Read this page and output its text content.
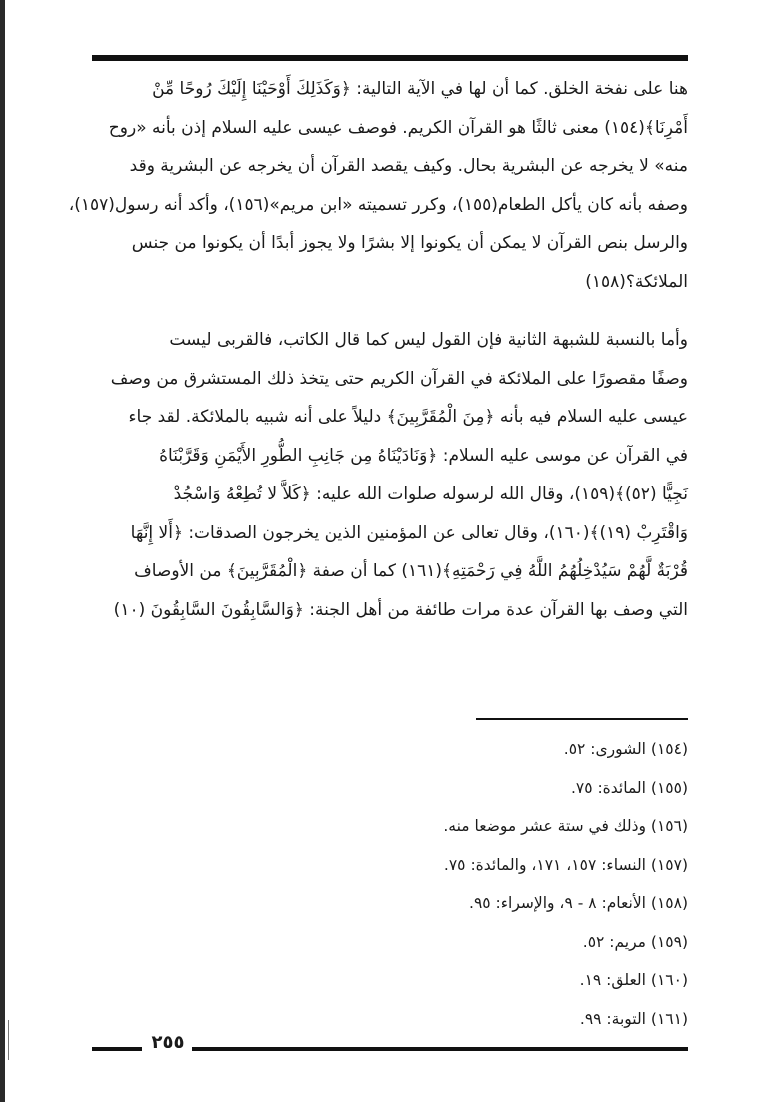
هنا على نفخة الخلق. كما أن لها في الآية التالية: ﴿وَكَذَلِكَ أَوْحَيْنَا إِلَيْكَ رُوحًا مِّنْ
أَمْرِنَا﴾(١٥٤) معنى ثالثًا هو القرآن الكريم. فوصف عيسى عليه السلام إذن بأنه «روح
منه» لا يخرجه عن البشرية بحال. وكيف يقصد القرآن أن يخرجه عن البشرية وقد
وصفه بأنه كان يأكل الطعام(١٥٥)، وكرر تسميته «ابن مريم»(١٥٦)، وأكد أنه رسول(١٥٧)،
والرسل بنص القرآن لا يمكن أن يكونوا إلا بشرًا ولا يجوز أبدًا أن يكونوا من جنس
الملائكة؟(١٥٨)
وأما بالنسبة للشبهة الثانية فإن القول ليس كما قال الكاتب، فالقربى ليست
وصفًا مقصورًا على الملائكة في القرآن الكريم حتى يتخذ ذلك المستشرق من وصف
عيسى عليه السلام فيه بأنه ﴿مِنَ الْمُقَرَّبِينَ﴾ دليلاً على أنه شبيه بالملائكة. لقد جاء
في القرآن عن موسى عليه السلام: ﴿وَنَادَيْنَاهُ مِن جَانِبِ الطُّورِ الأَيْمَنِ وَقَرَّبْنَاهُ
نَجِيًّا (٥٢)﴾(١٥٩)، وقال الله لرسوله صلوات الله عليه: ﴿كَلاَّ لا تُطِعْهُ وَاسْجُدْ
وَاقْتَرِبْ (١٩)﴾(١٦٠)، وقال تعالى عن المؤمنين الذين يخرجون الصدقات: ﴿أَلا إِنَّهَا
قُرْبَةٌ لَّهُمْ سَيُدْخِلُهُمُ اللَّهُ فِي رَحْمَتِهِ﴾(١٦١) كما أن صفة ﴿الْمُقَرَّبِينَ﴾ من الأوصاف
التي وصف بها القرآن عدة مرات طائفة من أهل الجنة: ﴿وَالسَّابِقُونَ السَّابِقُونَ (١٠)
(١٥٤) الشورى: ٥٢.
(١٥٥) المائدة: ٧٥.
(١٥٦) وذلك في ستة عشر موضعا منه.
(١٥٧) النساء: ١٥٧، ١٧١، والمائدة: ٧٥.
(١٥٨) الأنعام: ٨ - ٩، والإسراء: ٩٥.
(١٥٩) مريم: ٥٢.
(١٦٠) العلق: ١٩.
(١٦١) التوبة: ٩٩.
٢٥٥
